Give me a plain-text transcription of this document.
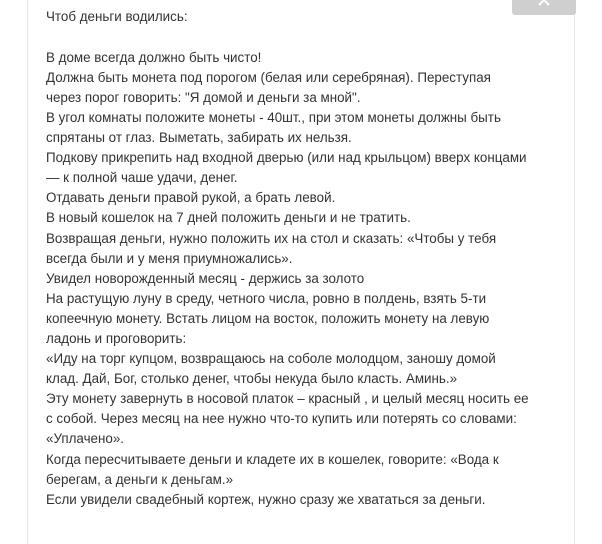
Чтоб деньги водились:

В доме всегда должно быть чисто!

Должна быть монета под порогом (белая или серебряная). Переступая

через порог говорить: "Я домой и деньги за мной".

В угол комнаты положите монеты - 40шт., при этом монеты должны быть

спрятаны от глаз. Выметать, забирать их нельзя.

Подкову прикрепить над входной дверью (или над крыльцом) вверх концами

— к полной чаше удачи, денег.

Отдавать деньги правой рукой, а брать левой.

В новый кошелок на 7 дней положить деньги и не тратить.

Возвращая деньги, нужно положить их на стол и сказать: «Чтобы у тебя

всегда были и у меня приумножались».

Увидел новорожденный месяц - держись за золото

На растущую луну в среду, четного числа, ровно в полдень, взять 5-ти

копеечную монету. Встать лицом на восток, положить монету на левую

ладонь и проговорить:

«Иду на торг купцом, возвращаюсь на соболе молодцом, заношу домой

клад. Дай, Бог, столько денег, чтобы некуда было класть. Аминь.»

Эту монету завернуть в носовой платок – красный , и целый месяц носить ее

с собой. Через месяц на нее нужно что-то купить или потерять со словами:

«Уплачено».

Когда пересчитываете деньги и кладете их в кошелек, говорите: «Вода к

берегам, а деньги к деньгам.»

Если увидели свадебный кортеж, нужно сразу же хвататься за деньги.
